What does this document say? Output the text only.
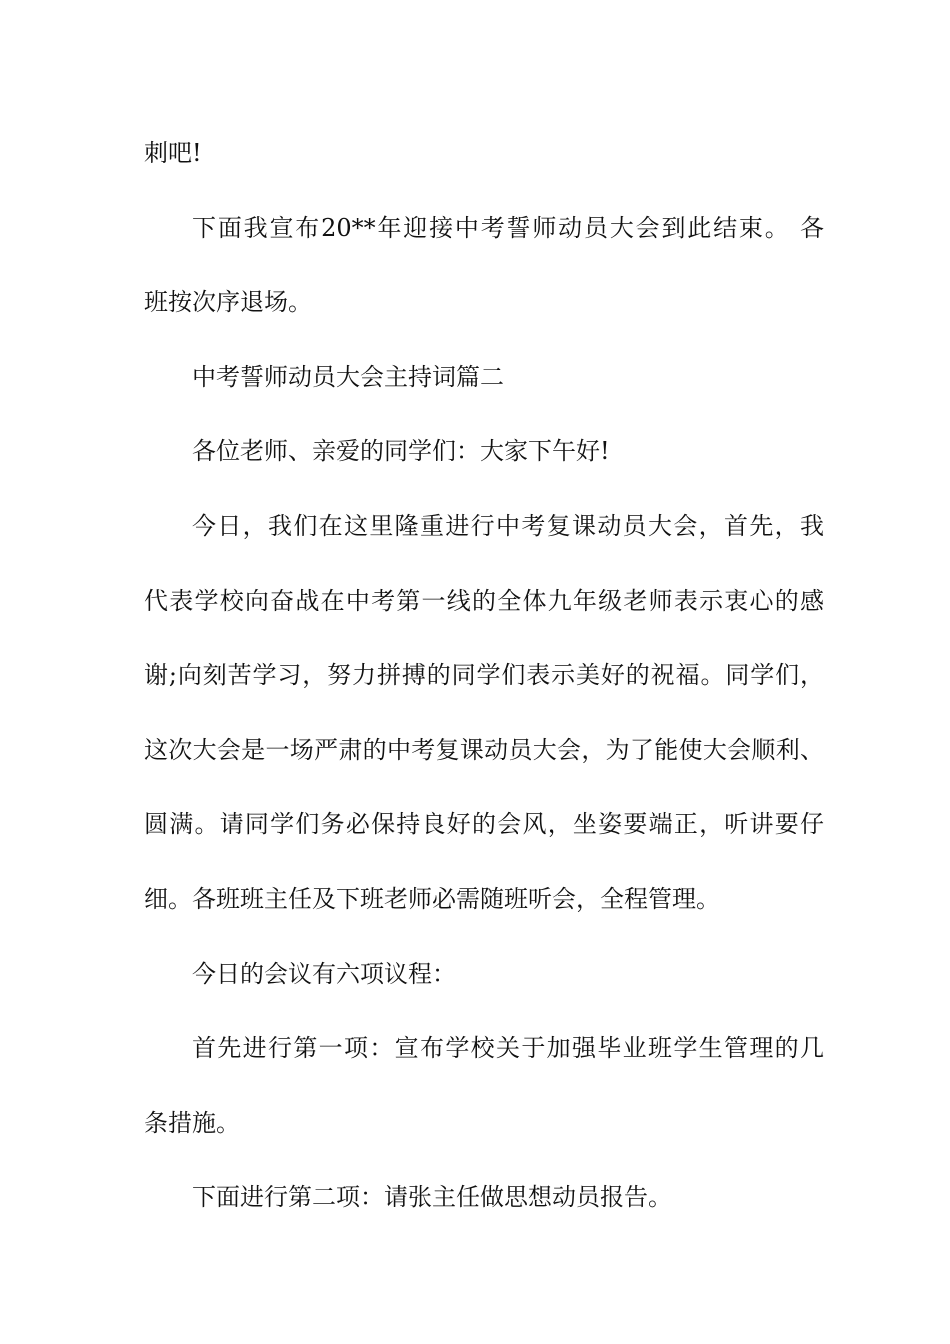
刺吧!
下面我宣布20**年迎接中考誓师动员大会到此结束。 各
班按次序退场。
中考誓师动员大会主持词篇二
各位老师、亲爱的同学们：大家下午好!
今日，我们在这里隆重进行中考复课动员大会，首先，我
代表学校向奋战在中考第一线的全体九年级老师表示衷心的感
谢;向刻苦学习，努力拼搏的同学们表示美好的祝福。同学们，
这次大会是一场严肃的中考复课动员大会，为了能使大会顺利、
圆满。请同学们务必保持良好的会风，坐姿要端正，听讲要仔
细。各班班主任及下班老师必需随班听会，全程管理。
今日的会议有六项议程：
首先进行第一项：宣布学校关于加强毕业班学生管理的几
条措施。
下面进行第二项：请张主任做思想动员报告。
